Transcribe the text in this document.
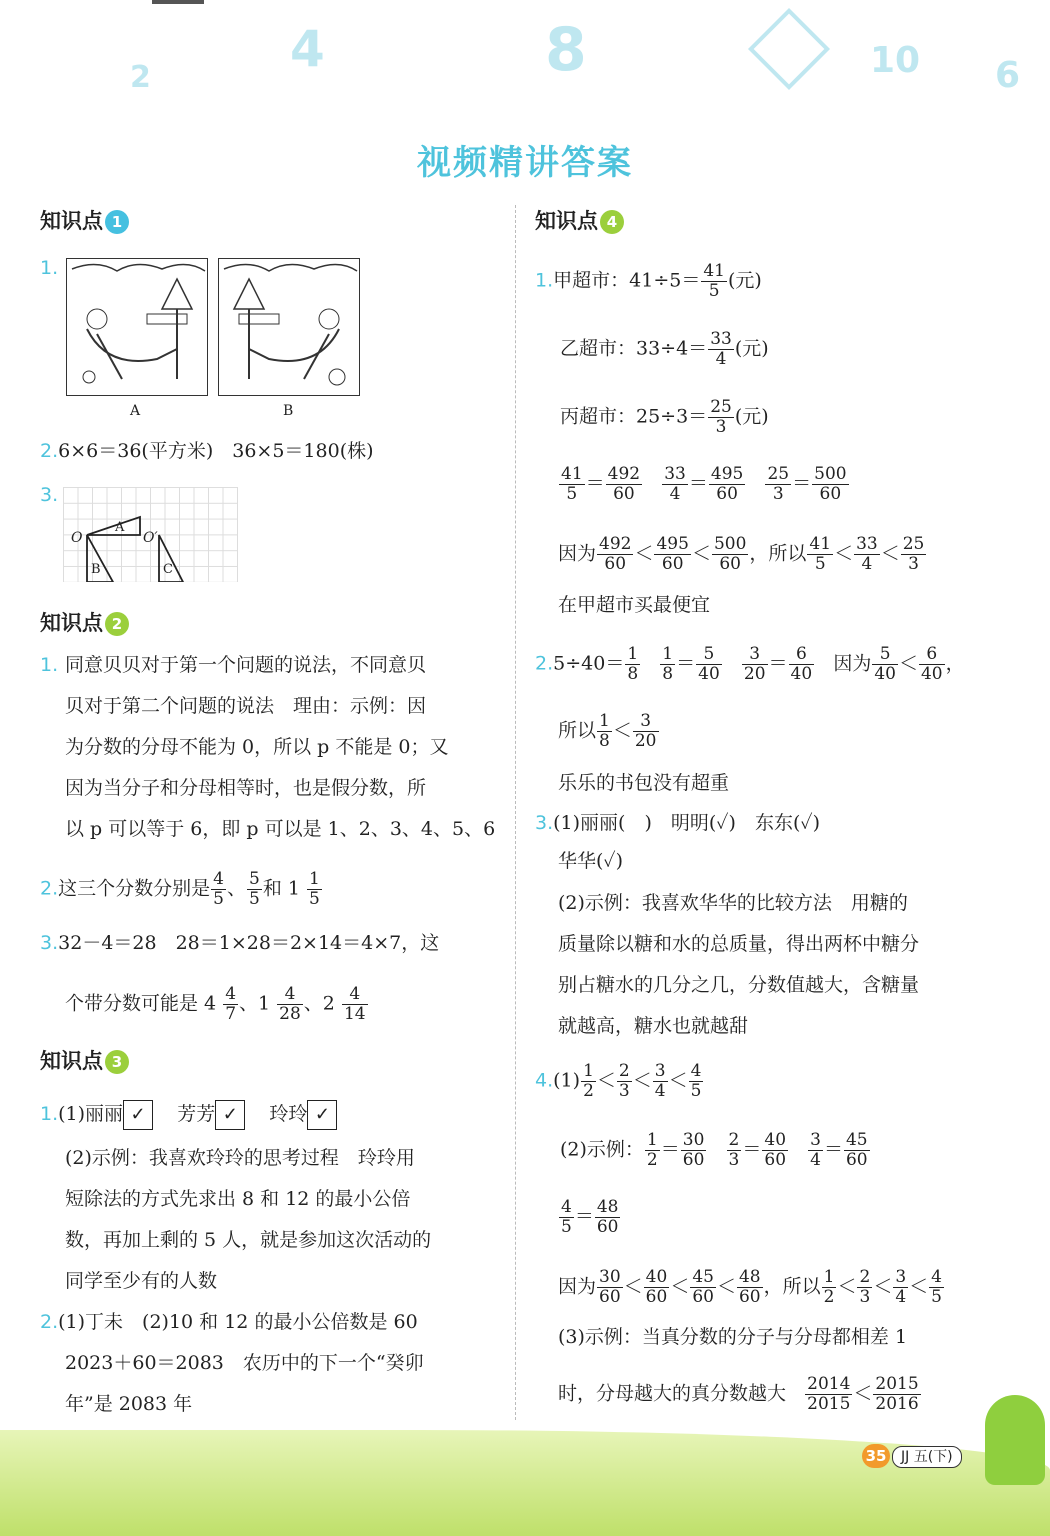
2	4	8	10 6
视频精讲答案
知识点 1
1.
A	B
2.6×6＝36(平方米)　36×5＝180(株)
3.
O	O′
A
B	C
知识点 2
1. 同意贝贝对于第一个问题的说法，不同意贝
贝对于第二个问题的说法　理由：示例：因
为分数的分母不能为 0，所以 p 不能是 0；又
因为当分子和分母相等时，也是假分数，所
以 p 可以等于 6，即 p 可以是 1、2、3、4、5、6
2.这三个分数分别是 $\frac{4}{5}$ 、 $\frac{5}{5}$ 和 $1 \frac{1}{5}$
3.32－4＝28　28＝1×28＝2×14＝4×7，这
个带分数可能是 $4 \frac{4}{7}$ 、$1 \frac{4}{28}$ 、$2 \frac{4}{14}$
知识点 3
1.(1)丽丽 ✓ 芳芳 ✓ 玲玲 ✓
(2)示例：我喜欢玲玲的思考过程　玲玲用
短除法的方式先求出 8 和 12 的最小公倍
数，再加上剩的 5 人，就是参加这次活动的
同学至少有的人数
2.(1)丁未　(2)10 和 12 的最小公倍数是 60
2023＋60＝2083　农历中的下一个“癸卯
年”是 2083 年
知识点 4
1.甲超市：$41\div 5= \frac{41}{5}$ (元)
乙超市：$33\div 4= \frac{33}{4}$ (元)
丙超市：$25\div 3= \frac{25}{3}$ (元)
$\frac{41}{5} = \frac{492}{60}$
$\frac{33}{4} = \frac{495}{60}$
$\frac{25}{3} = \frac{500}{60}$
因为 $\frac{492}{60} < \frac{495}{60} < \frac{500}{60}$ ，所以 $\frac{41}{5} < \frac{33}{4} < \frac{25}{3}$
在甲超市买最便宜
$2.5\div 40= \frac{1}{8}$
$\frac{1}{8} = \frac{5}{40}$
$\frac{3}{20} = \frac{6}{40}$ 因为 $\frac{5}{40} < \frac{6}{40}$ ，
所以 $\frac{1}{8} < \frac{3}{20}$
乐乐的书包没有超重
3.(1)丽丽(　)　明明(✓)　东东(✓)
华华(✓)
(2)示例：我喜欢华华的比较方法　用糖的
质量除以糖和水的总质量，得出两杯中糖分
别占糖水的几分之几，分数值越大，含糖量
就越高，糖水也就越甜
$4.(1) \frac{1}{2} < \frac{2}{3} < \frac{3}{4} < \frac{4}{5}$
(2)示例： $\frac{1}{2} = \frac{30}{60}$
$\frac{2}{3} = \frac{40}{60}$
$\frac{3}{4} = \frac{45}{60}$
$\frac{4}{5} = \frac{48}{60}$
因为 $\frac{30}{60} < \frac{40}{60} < \frac{45}{60} < \frac{48}{60}$ ，所以 $\frac{1}{2} < \frac{2}{3} < \frac{3}{4} < \frac{4}{5}$
(3)示例：当真分数的分子与分母都相差 1
时，分母越大的真分数越大 $\frac{2014}{2015} < \frac{2015}{2016}$
35	JJ 五(下)
